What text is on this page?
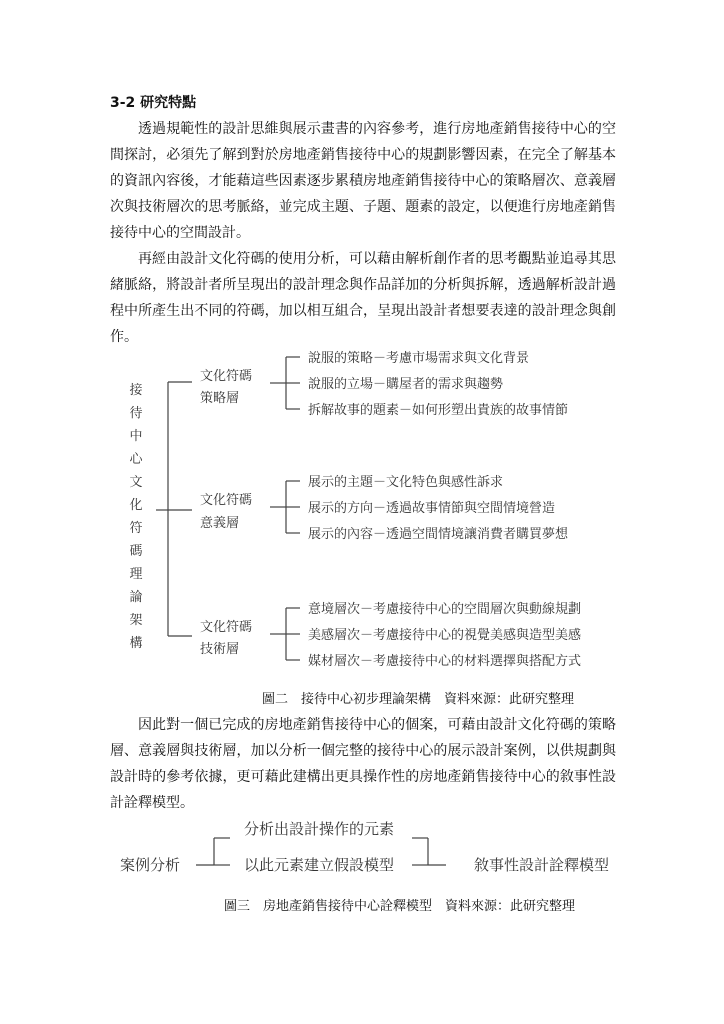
3-2 研究特點

透過規範性的設計思維與展示畫書的內容參考，進行房地產銷售接待中心的空間探討，必須先了解到對於房地產銷售接待中心的規劃影響因素，在完全了解基本的資訊內容後，才能藉這些因素逐步累積房地產銷售接待中心的策略層次、意義層次與技術層次的思考脈絡，並完成主題、子題、題素的設定，以便進行房地產銷售接待中心的空間設計。

再經由設計文化符碼的使用分析，可以藉由解析創作者的思考觀點並追尋其思緒脈絡，將設計者所呈現出的設計理念與作品詳加的分析與拆解，透過解析設計過程中所產生出不同的符碼，加以相互組合，呈現出設計者想要表達的設計理念與創作。

接
待
中
心
文
化
符
碼
理
論
架
構
文化符碼
策略層
文化符碼
意義層
文化符碼
技術層
說服的策略－考慮市場需求與文化背景
說服的立場－購屋者的需求與趨勢
拆解故事的題素－如何形塑出貴族的故事情節
展示的主題－文化特色與感性訴求
展示的方向－透過故事情節與空間情境營造
展示的內容－透過空間情境讓消費者購買夢想
意境層次－考慮接待中心的空間層次與動線規劃
美感層次－考慮接待中心的視覺美感與造型美感
媒材層次－考慮接待中心的材料選擇與搭配方式
案例分析
分析出設計操作的元素
以此元素建立假設模型	敘事性設計詮釋模型
圖二　接待中心初步理論架構　資料來源：此研究整理

因此對一個已完成的房地產銷售接待中心的個案，可藉由設計文化符碼的策略層、意義層與技術層，加以分析一個完整的接待中心的展示設計案例，以供規劃與設計時的參考依據，更可藉此建構出更具操作性的房地產銷售接待中心的敘事性設計詮釋模型。

圖三　房地產銷售接待中心詮釋模型　資料來源：此研究整理
